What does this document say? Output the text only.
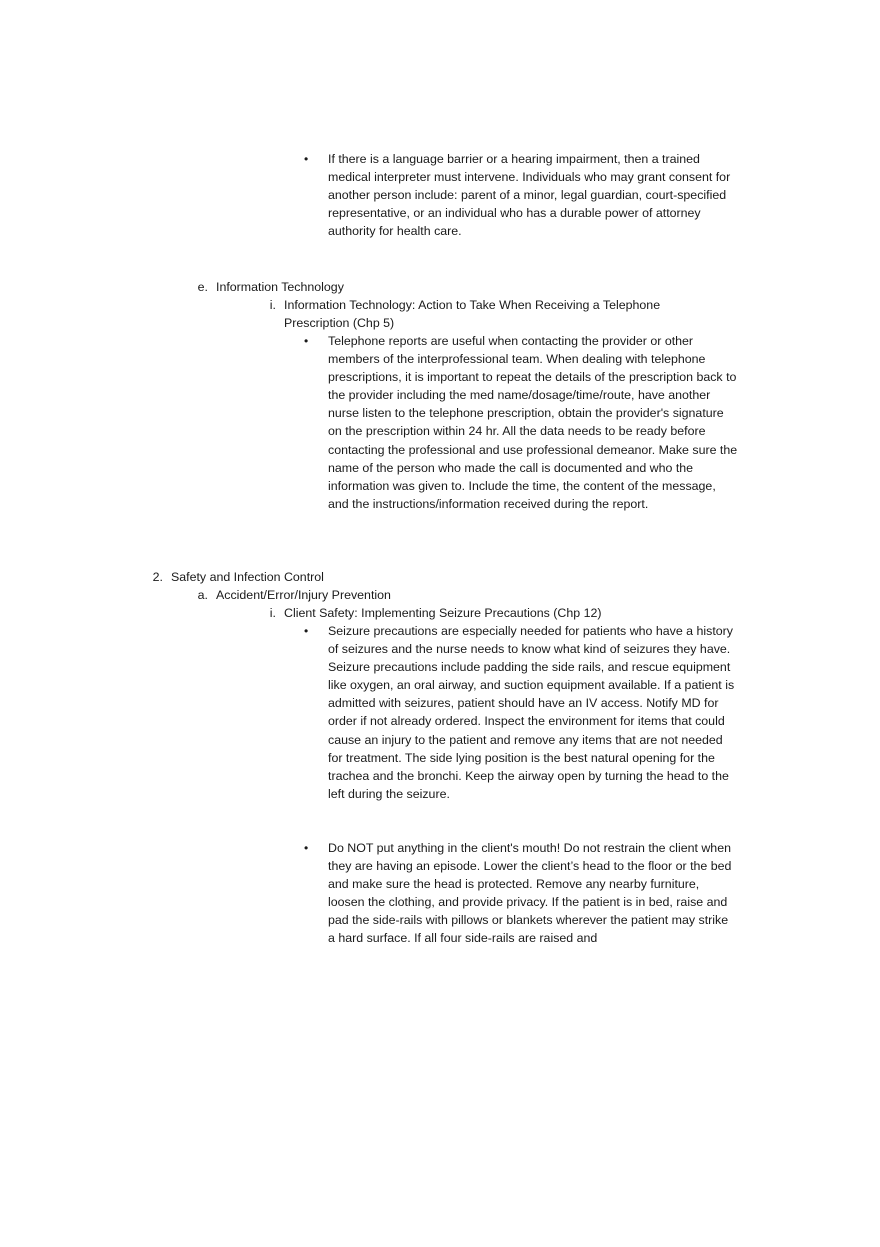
•	If there is a language barrier or a hearing impairment, then a trained medical interpreter must intervene. Individuals who may grant consent for another person include: parent of a minor, legal guardian, court-specified representative, or an individual who has a durable power of attorney authority for health care.
e. Information Technology
i. Information Technology: Action to Take When Receiving a Telephone Prescription (Chp 5)
•	Telephone reports are useful when contacting the provider or other members of the interprofessional team. When dealing with telephone prescriptions, it is important to repeat the details of the prescription back to the provider including the med name/dosage/time/route, have another nurse listen to the telephone prescription, obtain the provider's signature on the prescription within 24 hr. All the data needs to be ready before contacting the professional and use professional demeanor. Make sure the name of the person who made the call is documented and who the information was given to. Include the time, the content of the message, and the instructions/information received during the report.
2. Safety and Infection Control
a. Accident/Error/Injury Prevention
i. Client Safety: Implementing Seizure Precautions (Chp 12)
•	Seizure precautions are especially needed for patients who have a history of seizures and the nurse needs to know what kind of seizures they have. Seizure precautions include padding the side rails, and rescue equipment like oxygen, an oral airway, and suction equipment available. If a patient is admitted with seizures, patient should have an IV access. Notify MD for order if not already ordered. Inspect the environment for items that could cause an injury to the patient and remove any items that are not needed for treatment. The side lying position is the best natural opening for the trachea and the bronchi. Keep the airway open by turning the head to the left during the seizure.
•	Do NOT put anything in the client's mouth! Do not restrain the client when they are having an episode. Lower the client’s head to the floor or the bed and make sure the head is protected. Remove any nearby furniture, loosen the clothing, and provide privacy. If the patient is in bed, raise and pad the side-rails with pillows or blankets wherever the patient may strike a hard surface. If all four side-rails are raised and
